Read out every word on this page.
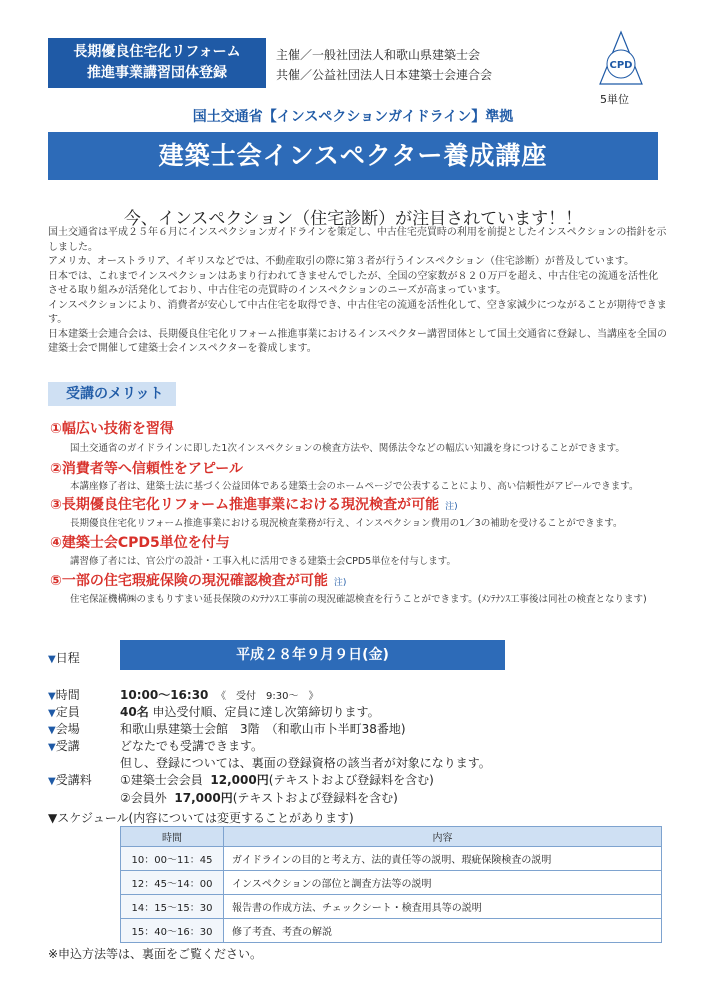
長期優良住宅化リフォーム
推進事業講習団体登録
主催／一般社団法人和歌山県建築士会
共催／公益社団法人日本建築士会連合会
CPD
5単位
国土交通省【インスペクションガイドライン】準拠
建築士会インスペクター養成講座
今、インスペクション（住宅診断）が注目されています！！

国土交通省は平成２５年６月にインスペクションガイドラインを策定し、中古住宅売買時の利用を前提としたインスペクションの指針を示しました。

アメリカ、オーストラリア、イギリスなどでは、不動産取引の際に第３者が行うインスペクション（住宅診断）が普及しています。

日本では、これまでインスペクションはあまり行われてきませんでしたが、全国の空家数が８２０万戸を超え、中古住宅の流通を活性化させる取り組みが活発化しており、中古住宅の売買時のインスペクションのニーズが高まっています。

インスペクションにより、消費者が安心して中古住宅を取得でき、中古住宅の流通を活性化して、空き家減少につながることが期待できます。

日本建築士会連合会は、長期優良住宅化リフォーム推進事業におけるインスペクター講習団体として国土交通省に登録し、当講座を全国の建築士会で開催して建築士会インスペクターを養成します。

受講のメリット
①幅広い技術を習得
国土交通省のガイドラインに即した1次インスペクションの検査方法や、関係法令などの幅広い知識を身につけることができます。
②消費者等へ信頼性をアピール
本講座修了者は、建築士法に基づく公益団体である建築士会のホームページで公表することにより、高い信頼性がアピールできます。
③長期優良住宅化リフォーム推進事業における現況検査が可能 注)
長期優良住宅化リフォーム推進事業における現況検査業務が行え、インスペクション費用の1／3の補助を受けることができます。
④建築士会CPD5単位を付与
講習修了者には、官公庁の設計・工事入札に活用できる建築士会CPD5単位を付与します。
⑤一部の住宅瑕疵保険の現況確認検査が可能 注)
住宅保証機構㈱のまもりすまい延長保険のﾒﾝﾃﾅﾝｽ工事前の現況確認検査を行うことができます。(ﾒﾝﾃﾅﾝｽ工事後は同社の検査となります)
▼日程	平成２８年９月９日(金)
▼時間	10:00～16:30 《　受付　9:30～　》
▼定員	40名 申込受付順、定員に達し次第締切ります。
▼会場	和歌山県建築士会館　3階　（和歌山市卜半町38番地)
▼受講	どなたでも受講できます。
但し、登録については、裏面の登録資格の該当者が対象になります。
▼受講料 ①建築士会会員 12,000円(テキストおよび登録料を含む)
②会員外 17,000円(テキストおよび登録料を含む)
▼スケジュール(内容については変更することがあります)
時間	内容
10：00～11：45	ガイドラインの目的と考え方、法的責任等の説明、瑕疵保険検査の説明
12：45～14：00	インスペクションの部位と調査方法等の説明
14：15～15：30	報告書の作成方法、チェックシート・検査用具等の説明
15：40～16：30	修了考査、考査の解説
※申込方法等は、裏面をご覧ください。
